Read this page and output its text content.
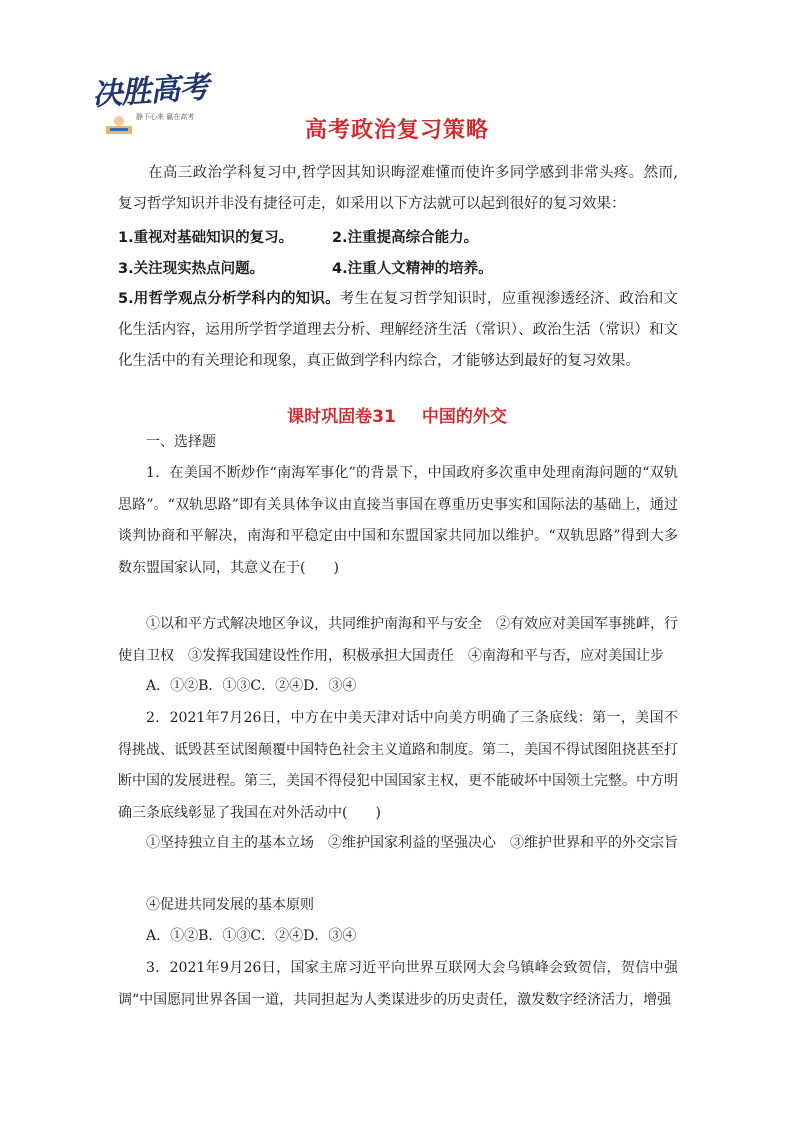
决胜高考
静下心来 赢在高考
高考政治复习策略

在高三政治学科复习中,哲学因其知识晦涩难懂而使许多同学感到非常头疼。然而,复习哲学知识并非没有捷径可走，如采用以下方法就可以起到很好的复习效果：

1.重视对基础知识的复习。	2.注重提高综合能力。
3.关注现实热点问题。	4.注重人文精神的培养。

5.用哲学观点分析学科内的知识。考生在复习哲学知识时，应重视渗透经济、政治和文化生活内容，运用所学哲学道理去分析、理解经济生活（常识）、政治生活（常识）和文化生活中的有关理论和现象，真正做到学科内综合，才能够达到最好的复习效果。

课时巩固卷31 中国的外交

一、选择题

1．在美国不断炒作“南海军事化”的背景下，中国政府多次重申处理南海问题的“双轨思路”。“双轨思路”即有关具体争议由直接当事国在尊重历史事实和国际法的基础上，通过谈判协商和平解决，南海和平稳定由中国和东盟国家共同加以维护。“双轨思路”得到大多数东盟国家认同，其意义在于(　　)

①以和平方式解决地区争议，共同维护南海和平与安全　②有效应对美国军事挑衅，行使自卫权　③发挥我国建设性作用，积极承担大国责任　④南海和平与否，应对美国让步

A．①②B．①③C．②④D．③④

2．2021年7月26日，中方在中美天津对话中向美方明确了三条底线：第一，美国不得挑战、诋毁甚至试图颠覆中国特色社会主义道路和制度。第二，美国不得试图阻挠甚至打断中国的发展进程。第三，美国不得侵犯中国国家主权，更不能破坏中国领土完整。中方明确三条底线彰显了我国在对外活动中(　　)

①坚持独立自主的基本立场　②维护国家利益的坚强决心　③维护世界和平的外交宗旨

④促进共同发展的基本原则

A．①②B．①③C．②④D．③④

3．2021年9月26日，国家主席习近平向世界互联网大会乌镇峰会致贺信，贺信中强调“中国愿同世界各国一道，共同担起为人类谋进步的历史责任，激发数字经济活力，增强
